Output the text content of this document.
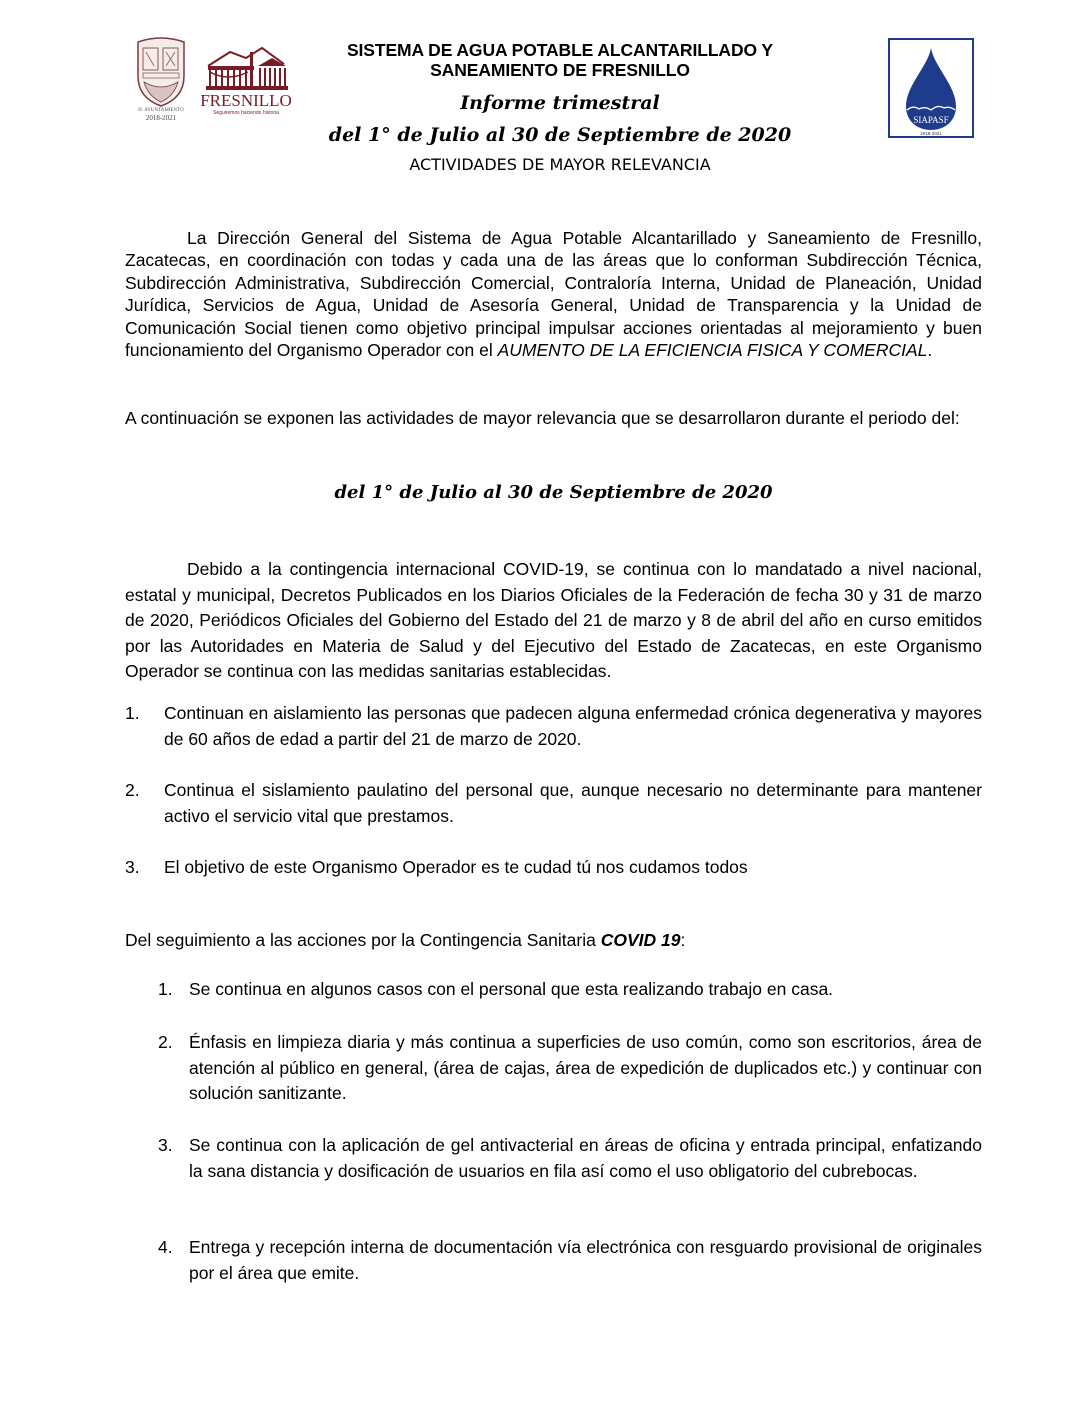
H. AYUNTAMIENTO
2018-2021
FRESNILLO
Seguiremos haciendo historia
SIAPASF
2018-2021
SISTEMA DE AGUA POTABLE ALCANTARILLADO Y
SANEAMIENTO DE FRESNILLO
Informe trimestral
del 1° de Julio al 30 de Septiembre de 2020
ACTIVIDADES DE MAYOR RELEVANCIA
La Dirección General del Sistema de Agua Potable Alcantarillado y Saneamiento de Fresnillo, Zacatecas, en coordinación con todas y cada una de las áreas que lo conforman Subdirección Técnica, Subdirección Administrativa, Subdirección Comercial, Contraloría Interna, Unidad de Planeación, Unidad Jurídica, Servicios de Agua, Unidad de Asesoría General, Unidad de Transparencia y la Unidad de Comunicación Social tienen como objetivo principal impulsar acciones orientadas al mejoramiento y buen funcionamiento del Organismo Operador con el AUMENTO DE LA EFICIENCIA FISICA Y COMERCIAL.
A continuación se exponen las actividades de mayor relevancia que se desarrollaron durante el periodo del:
del 1° de Julio al 30 de Septiembre de 2020
Debido a la contingencia internacional COVID-19, se continua con lo mandatado a nivel nacional, estatal y municipal, Decretos Publicados en los Diarios Oficiales de la Federación de fecha 30 y 31 de marzo de 2020, Periódicos Oficiales del Gobierno del Estado del 21 de marzo y 8 de abril del año en curso emitidos por las Autoridades en Materia de Salud y del Ejecutivo del Estado de Zacatecas, en este Organismo Operador se continua con las medidas sanitarias establecidas.
1. Continuan en aislamiento las personas que padecen alguna enfermedad crónica degenerativa y mayores de 60 años de edad a partir del 21 de marzo de 2020.
2. Continua el sislamiento paulatino del personal que, aunque necesario no determinante para mantener activo el servicio vital que prestamos.
3. El objetivo de este Organismo Operador es te cudad tú nos cudamos todos
Del seguimiento a las acciones por la Contingencia Sanitaria COVID 19:
1. Se continua en algunos casos con el personal que esta realizando trabajo en casa.
2. Énfasis en limpieza diaria y más continua a superficies de uso común, como son escritorios, área de atención al público en general, (área de cajas, área de expedición de duplicados etc.) y continuar con solución sanitizante.
3. Se continua con la aplicación de gel antivacterial en áreas de oficina y entrada principal, enfatizando la sana distancia y dosificación de usuarios en fila así como el uso obligatorio del cubrebocas.
4. Entrega y recepción interna de documentación vía electrónica con resguardo provisional de originales por el área que emite.
